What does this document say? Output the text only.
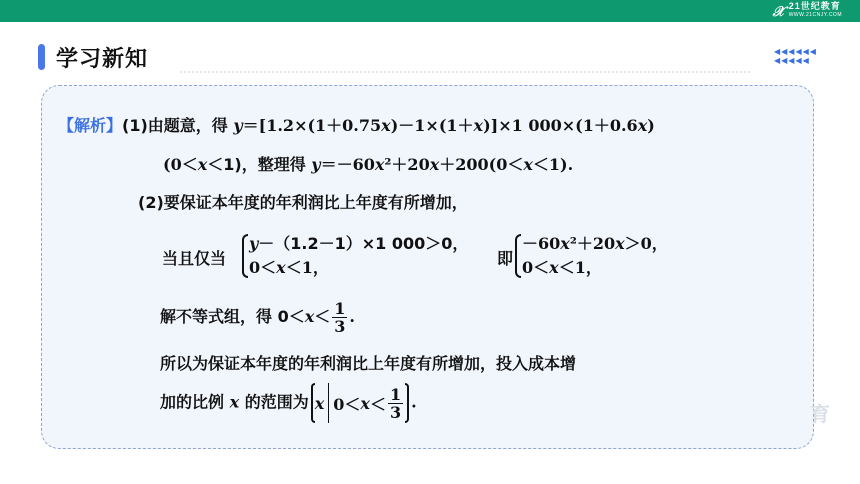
𝒳 21世纪教育
WWW.21CNJY.COM
学习新知	◀◀◀◀◀◀
◀◀◀◀◀
【解析】(1)由题意，得 y＝[1.2×(1＋0.75x)－1×(1＋x)]×1 000×(1＋0.6x)
(0＜x＜1)，整理得 y＝－60x²＋20x＋200(0＜x＜1).
(2)要保证本年度的年利润比上年度有所增加，
当且仅当
y－（1.2－1）×1 000＞0，
0＜x＜1，	即
－60x²＋20x＞0，
0＜x＜1，
解不等式组，得 $0<x< \frac{1}{3}$ .
所以为保证本年度的年利润比上年度有所增加，投入成本增
加的比例 x 的范围为 x $0< x < \frac{1}{3}$ .	育
